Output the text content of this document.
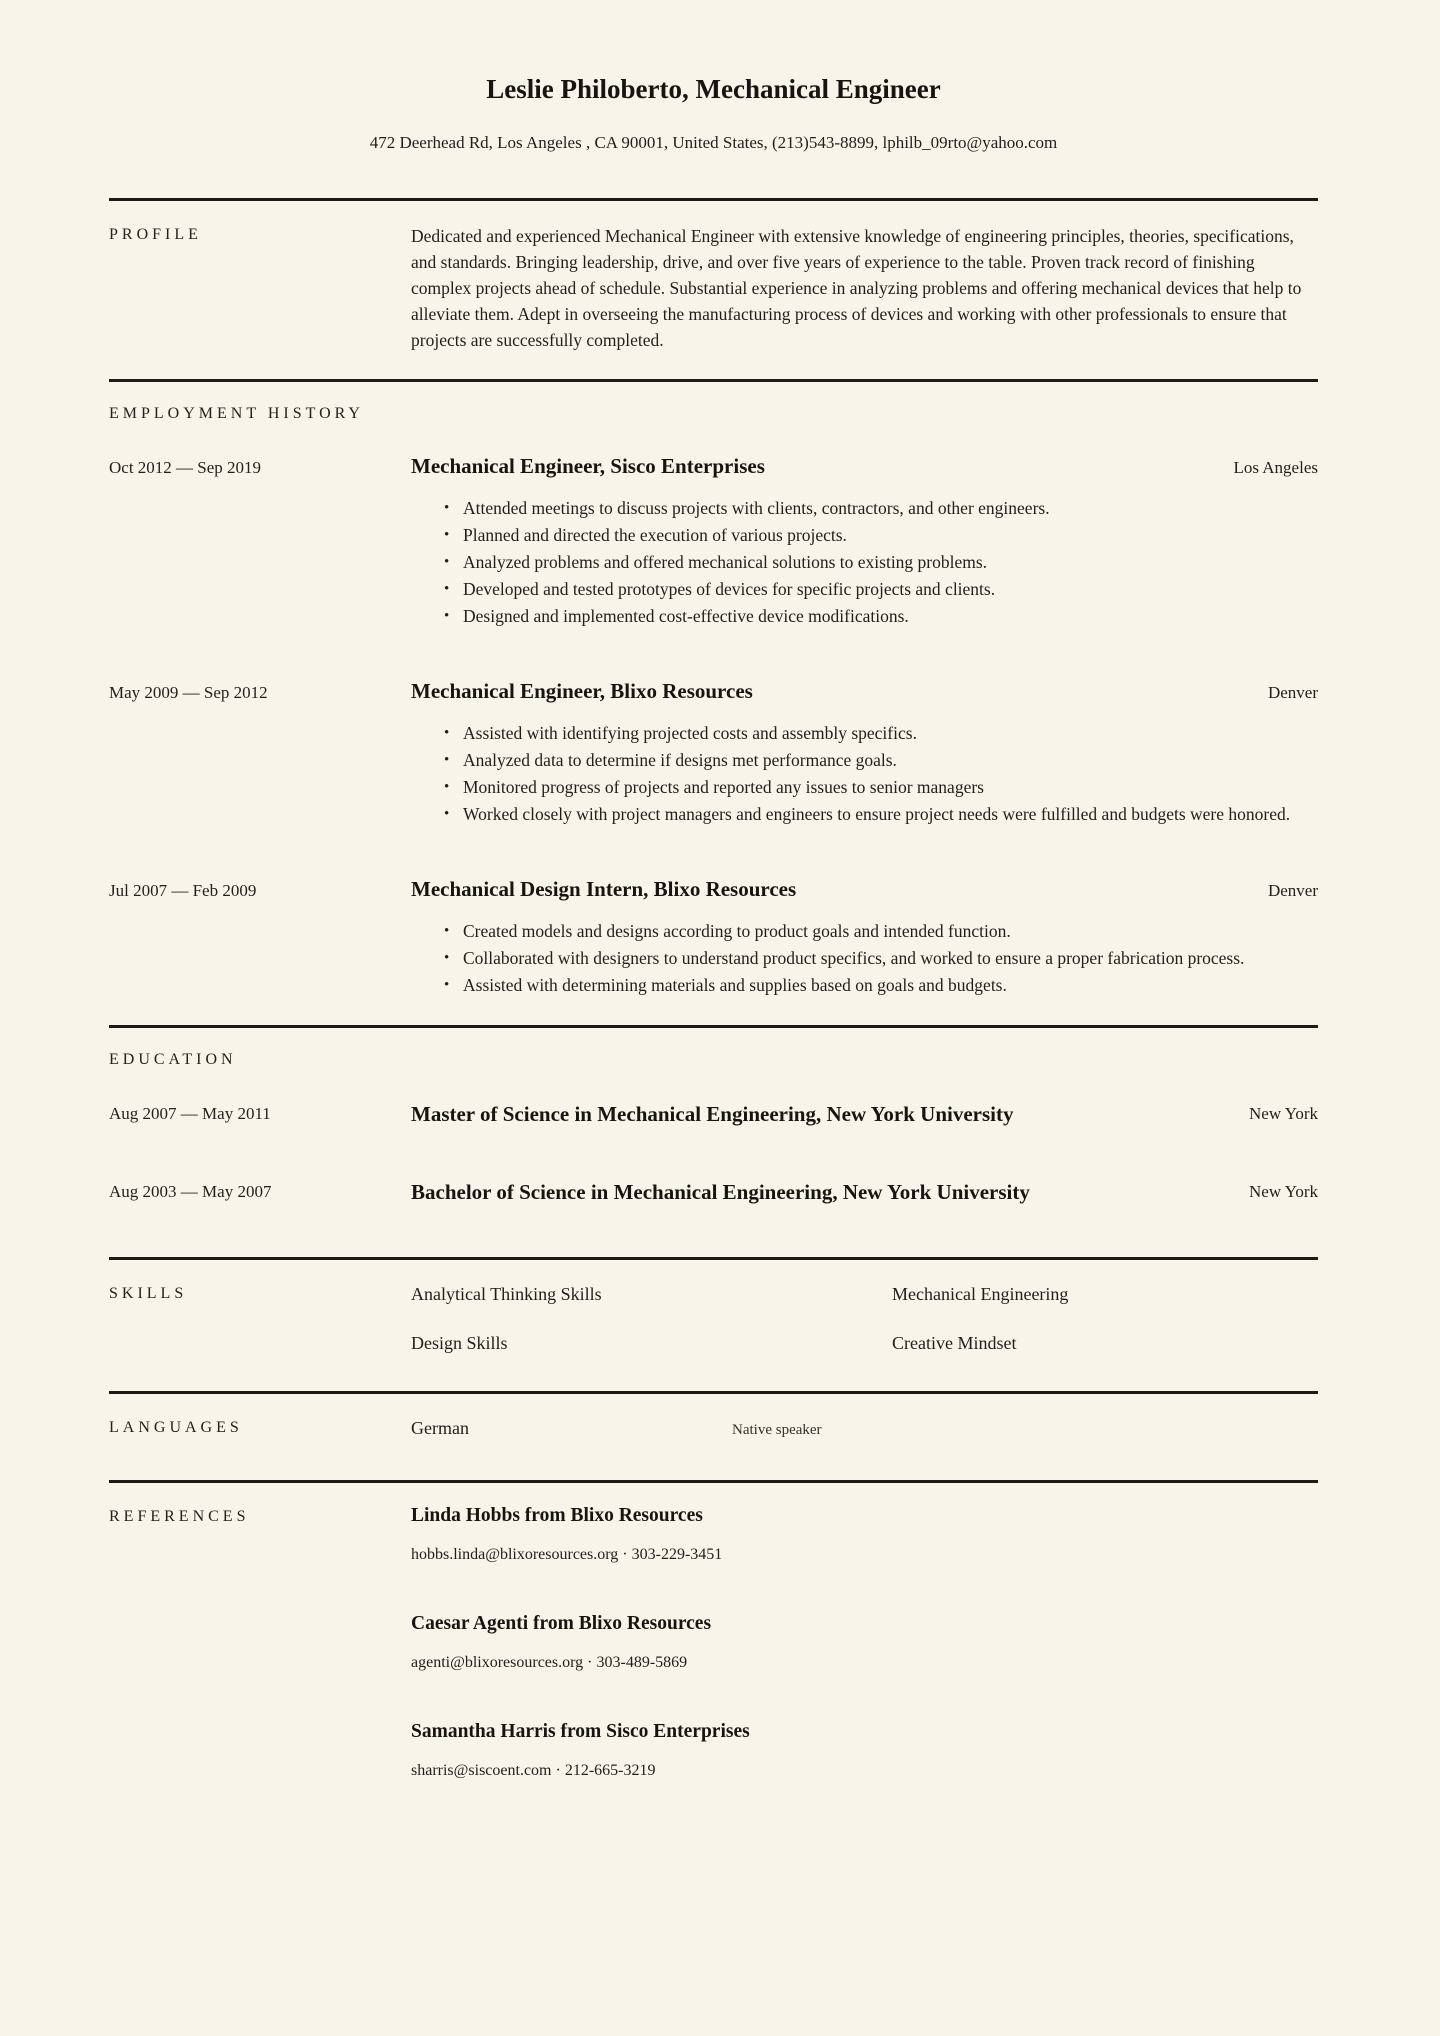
Leslie Philoberto, Mechanical Engineer
472 Deerhead Rd, Los Angeles , CA 90001, United States, (213)543-8899, lphilb_09rto@yahoo.com
PROFILE	Dedicated and experienced Mechanical Engineer with extensive knowledge of engineering principles, theories, specifications, and standards. Bringing leadership, drive, and over five years of experience to the table. Proven track record of finishing complex projects ahead of schedule. Substantial experience in analyzing problems and offering mechanical devices that help to alleviate them. Adept in overseeing the manufacturing process of devices and working with other professionals to ensure that projects are successfully completed.
EMPLOYMENT HISTORY
Oct 2012 — Sep 2019	Mechanical Engineer, Sisco Enterprises	Los Angeles
• Attended meetings to discuss projects with clients, contractors, and other engineers.
• Planned and directed the execution of various projects.
• Analyzed problems and offered mechanical solutions to existing problems.
• Developed and tested prototypes of devices for specific projects and clients.
• Designed and implemented cost-effective device modifications.
May 2009 — Sep 2012	Mechanical Engineer, Blixo Resources	Denver
• Assisted with identifying projected costs and assembly specifics.
• Analyzed data to determine if designs met performance goals.
• Monitored progress of projects and reported any issues to senior managers
• Worked closely with project managers and engineers to ensure project needs were fulfilled and budgets were honored.
Jul 2007 — Feb 2009	Mechanical Design Intern, Blixo Resources	Denver
• Created models and designs according to product goals and intended function.
• Collaborated with designers to understand product specifics, and worked to ensure a proper fabrication process.
• Assisted with determining materials and supplies based on goals and budgets.
EDUCATION
Aug 2007 — May 2011	Master of Science in Mechanical Engineering, New York University	New York
Aug 2003 — May 2007	Bachelor of Science in Mechanical Engineering, New York University	New York
SKILLS	Analytical Thinking Skills	Mechanical Engineering
Design Skills	Creative Mindset
LANGUAGES	German	Native speaker
REFERENCES	Linda Hobbs from Blixo Resources
hobbs.linda@blixoresources.org · 303-229-3451
Caesar Agenti from Blixo Resources
agenti@blixoresources.org · 303-489-5869
Samantha Harris from Sisco Enterprises
sharris@siscoent.com · 212-665-3219
